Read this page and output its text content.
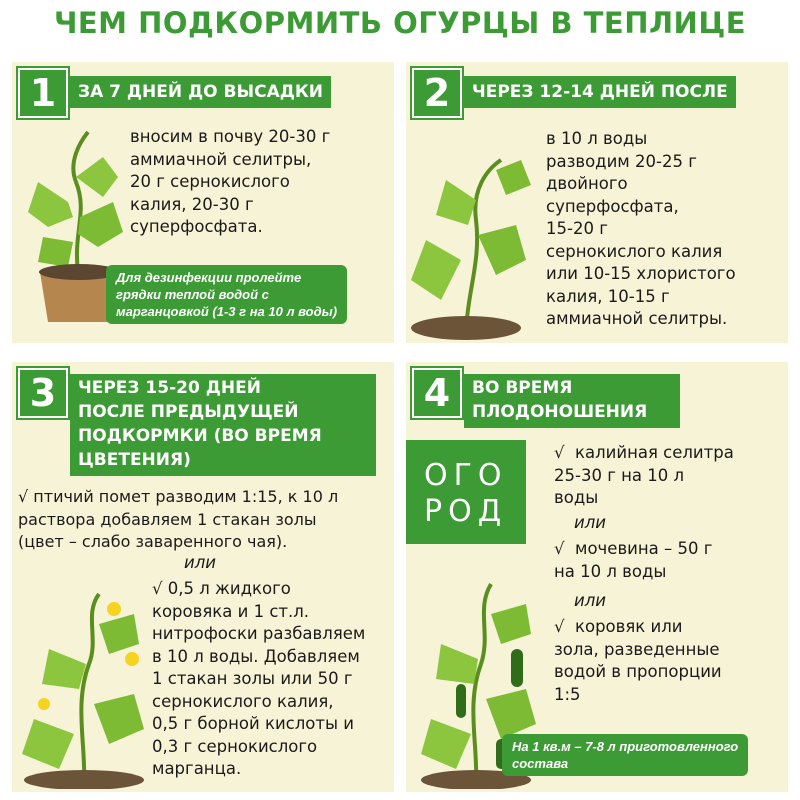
ЧЕМ ПОДКОРМИТЬ ОГУРЦЫ В ТЕПЛИЦЕ
1	ЗА 7 ДНЕЙ ДО ВЫСАДКИ
вносим в почву 20-30 г
аммиачной селитры,
20 г сернокислого
калия, 20-30 г
суперфосфата.
Для дезинфекции пролейте
грядки теплой водой с
марганцовкой (1-3 г на 10 л воды)
2	ЧЕРЕЗ 12-14 ДНЕЙ ПОСЛЕ
в 10 л воды
разводим 20-25 г
двойного
суперфосфата,
15-20 г
сернокислого калия
или 10-15 хлористого
калия, 10-15 г
аммиачной селитры.
3	ЧЕРЕЗ 15-20 ДНЕЙ
ПОСЛЕ ПРЕДЫДУЩЕЙ
ПОДКОРМКИ (ВО ВРЕМЯ
ЦВЕТЕНИЯ)
√ птичий помет разводим 1:15, к 10 л
раствора добавляем 1 стакан золы
(цвет – слабо заваренного чая).
или
√ 0,5 л жидкого
коровяка и 1 ст.л.
нитрофоски разбавляем
в 10 л воды. Добавляем
1 стакан золы или 50 г
сернокислого калия,
0,5 г борной кислоты и
0,3 г сернокислого
марганца.
4	ВО ВРЕМЯ
ПЛОДОНОШЕНИЯ
ОГО
РОД
√  калийная селитра
25-30 г на 10 л
воды
или
√  мочевина – 50 г
на 10 л воды
или
√  коровяк или
зола, разведенные
водой в пропорции
1:5
На 1 кв.м – 7-8 л приготовленного
состава
